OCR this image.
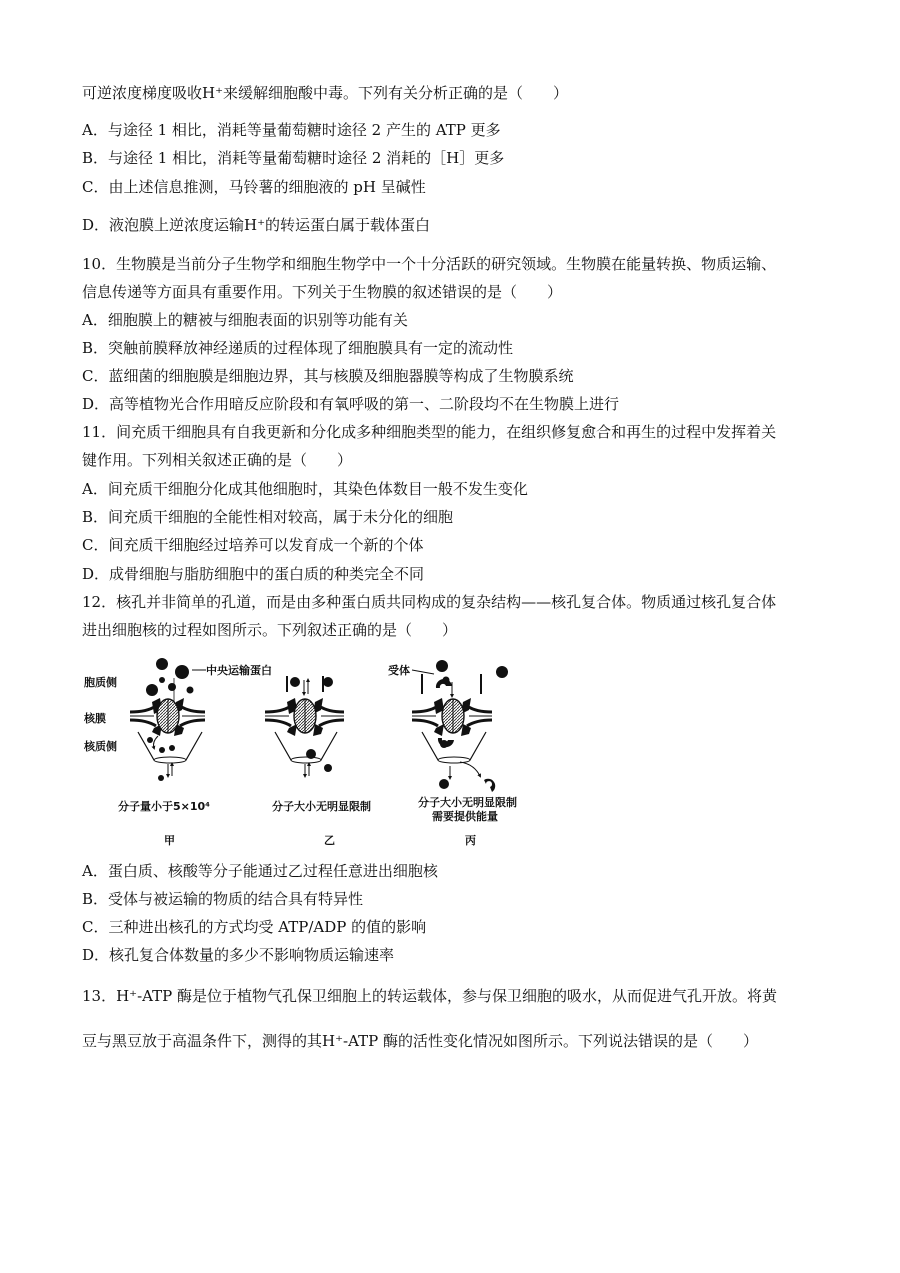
可逆浓度梯度吸收H⁺来缓解细胞酸中毒。下列有关分析正确的是（　　）
A．与途径 1 相比，消耗等量葡萄糖时途径 2 产生的 ATP 更多
B．与途径 1 相比，消耗等量葡萄糖时途径 2 消耗的［H］更多
C．由上述信息推测，马铃薯的细胞液的 pH 呈碱性
D．液泡膜上逆浓度运输H⁺的转运蛋白属于载体蛋白
10．生物膜是当前分子生物学和细胞生物学中一个十分活跃的研究领域。生物膜在能量转换、物质运输、
信息传递等方面具有重要作用。下列关于生物膜的叙述错误的是（　　）
A．细胞膜上的糖被与细胞表面的识别等功能有关
B．突触前膜释放神经递质的过程体现了细胞膜具有一定的流动性
C．蓝细菌的细胞膜是细胞边界，其与核膜及细胞器膜等构成了生物膜系统
D．高等植物光合作用暗反应阶段和有氧呼吸的第一、二阶段均不在生物膜上进行
11．间充质干细胞具有自我更新和分化成多种细胞类型的能力，在组织修复愈合和再生的过程中发挥着关
键作用。下列相关叙述正确的是（　　）
A．间充质干细胞分化成其他细胞时，其染色体数目一般不发生变化
B．间充质干细胞的全能性相对较高，属于未分化的细胞
C．间充质干细胞经过培养可以发育成一个新的个体
D．成骨细胞与脂肪细胞中的蛋白质的种类完全不同
12．核孔并非简单的孔道，而是由多种蛋白质共同构成的复杂结构——核孔复合体。物质通过核孔复合体
进出细胞核的过程如图所示。下列叙述正确的是（　　）
胞质侧
核膜
核质侧
中央运输蛋白	受体
分子量小于5×10⁴	分子大小无明显限制	分子大小无明显限制
需要提供能量
甲	乙	丙
A．蛋白质、核酸等分子能通过乙过程任意进出细胞核
B．受体与被运输的物质的结合具有特异性
C．三种进出核孔的方式均受 ATP/ADP 的值的影响
D．核孔复合体数量的多少不影响物质运输速率
13．H⁺-ATP 酶是位于植物气孔保卫细胞上的转运载体，参与保卫细胞的吸水，从而促进气孔开放。将黄
豆与黑豆放于高温条件下，测得的其H⁺-ATP 酶的活性变化情况如图所示。下列说法错误的是（　　）
